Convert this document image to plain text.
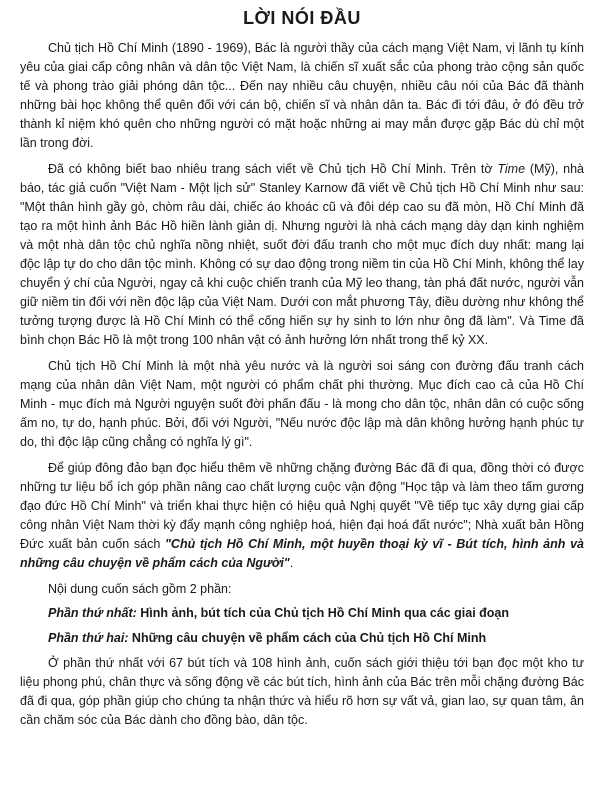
LỜI NÓI ĐẦU

Chủ tịch Hồ Chí Minh (1890 - 1969), Bác là người thầy của cách mạng Việt Nam, vị lãnh tụ kính yêu của giai cấp công nhân và dân tộc Việt Nam, là chiến sĩ xuất sắc của phong trào cộng sản quốc tế và phong trào giải phóng dân tộc... Đến nay nhiều câu chuyện, nhiều câu nói của Bác đã thành những bài học không thể quên đối với cán bộ, chiến sĩ và nhân dân ta. Bác đi tới đâu, ở đó đều trở thành kỉ niệm khó quên cho những người có mặt hoặc những ai may mắn được gặp Bác dù chỉ một lần trong đời.

Đã có không biết bao nhiêu trang sách viết về Chủ tịch Hồ Chí Minh. Trên tờ Time (Mỹ), nhà báo, tác giả cuốn "Việt Nam - Một lịch sử" Stanley Karnow đã viết về Chủ tịch Hồ Chí Minh như sau: "Một thân hình gầy gò, chòm râu dài, chiếc áo khoác cũ và đôi dép cao su đã mòn, Hồ Chí Minh đã tạo ra một hình ảnh Bác Hồ hiền lành giản dị. Nhưng người là nhà cách mạng dày dạn kinh nghiệm và một nhà dân tộc chủ nghĩa nồng nhiệt, suốt đời đấu tranh cho một mục đích duy nhất: mang lại độc lập tự do cho dân tộc mình. Không có sự dao động trong niềm tin của Hồ Chí Minh, không thể lay chuyển ý chí của Người, ngay cả khi cuộc chiến tranh của Mỹ leo thang, tàn phá đất nước, người vẫn giữ niềm tin đối với nền độc lập của Việt Nam. Dưới con mắt phương Tây, điều dường như không thể tưởng tượng được là Hồ Chí Minh có thể cống hiến sự hy sinh to lớn như ông đã làm". Và Time đã bình chọn Bác Hồ là một trong 100 nhân vật có ảnh hưởng lớn nhất trong thế kỷ XX.

Chủ tịch Hồ Chí Minh là một nhà yêu nước và là người soi sáng con đường đấu tranh cách mạng của nhân dân Việt Nam, một người có phẩm chất phi thường. Mục đích cao cả của Hồ Chí Minh - mục đích mà Người nguyện suốt đời phấn đấu - là mong cho dân tộc, nhân dân có cuộc sống ấm no, tự do, hạnh phúc. Bởi, đối với Người, "Nếu nước độc lập mà dân không hưởng hạnh phúc tự do, thì độc lập cũng chẳng có nghĩa lý gì".

Để giúp đông đảo bạn đọc hiểu thêm về những chặng đường Bác đã đi qua, đồng thời có được những tư liệu bổ ích góp phần nâng cao chất lượng cuộc vận động "Học tập và làm theo tấm gương đạo đức Hồ Chí Minh" và triển khai thực hiện có hiệu quả Nghị quyết "Về tiếp tục xây dựng giai cấp công nhân Việt Nam thời kỳ đẩy mạnh công nghiệp hoá, hiện đại hoá đất nước"; Nhà xuất bản Hồng Đức xuất bản cuốn sách "Chủ tịch Hồ Chí Minh, một huyền thoại kỳ vĩ - Bút tích, hình ảnh và những câu chuyện về phẩm cách của Người".

Nội dung cuốn sách gồm 2 phần:

Phần thứ nhất: Hình ảnh, bút tích của Chủ tịch Hồ Chí Minh qua các giai đoạn

Phần thứ hai: Những câu chuyện về phẩm cách của Chủ tịch Hồ Chí Minh

Ở phần thứ nhất với 67 bút tích và 108 hình ảnh, cuốn sách giới thiệu tới bạn đọc một kho tư liệu phong phú, chân thực và sống động về các bút tích, hình ảnh của Bác trên mỗi chặng đường Bác đã đi qua, góp phần giúp cho chúng ta nhận thức và hiểu rõ hơn sự vất vả, gian lao, sự quan tâm, ân cần chăm sóc của Bác dành cho đồng bào, dân tộc.
